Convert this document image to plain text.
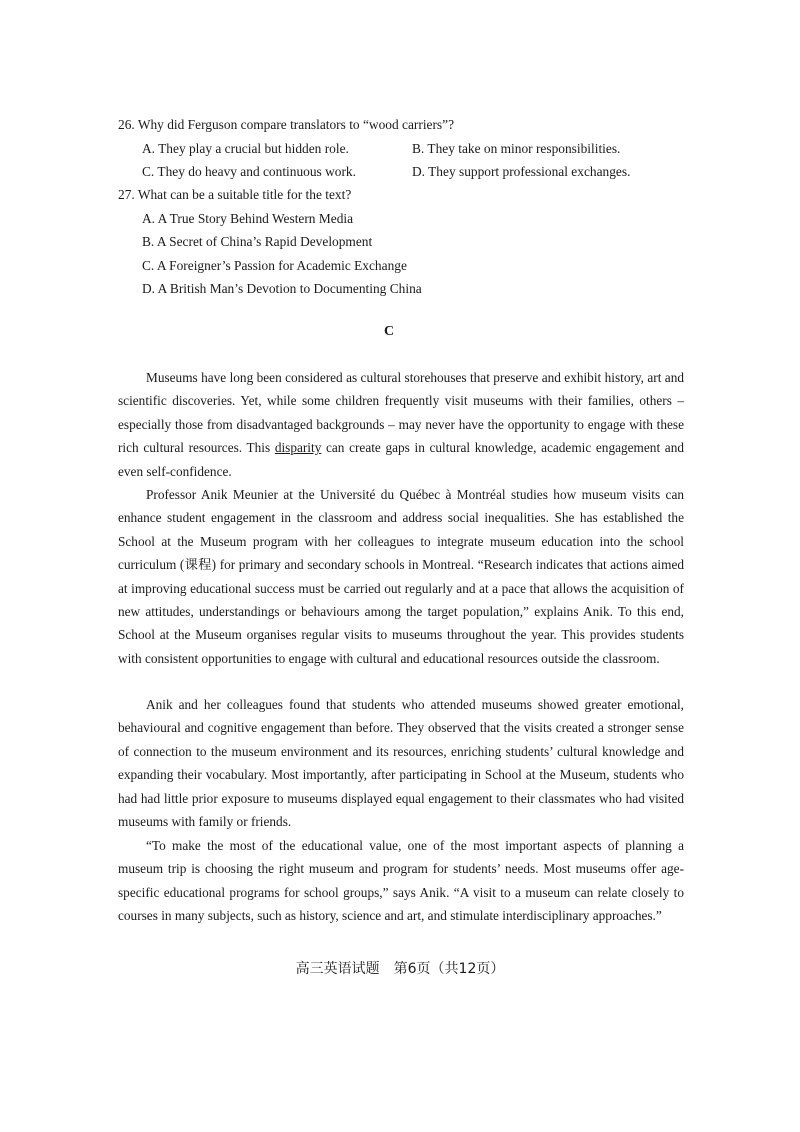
26. Why did Ferguson compare translators to “wood carriers”?
A. They play a crucial but hidden role.	B. They take on minor responsibilities.
C. They do heavy and continuous work.	D. They support professional exchanges.
27. What can be a suitable title for the text?
A. A True Story Behind Western Media
B. A Secret of China’s Rapid Development
C. A Foreigner’s Passion for Academic Exchange
D. A British Man’s Devotion to Documenting China
C
Museums have long been considered as cultural storehouses that preserve and exhibit history, art and scientific discoveries. Yet, while some children frequently visit museums with their families, others – especially those from disadvantaged backgrounds – may never have the opportunity to engage with these rich cultural resources. This disparity can create gaps in cultural knowledge, academic engagement and even self-confidence.
Professor Anik Meunier at the Université du Québec à Montréal studies how museum visits can enhance student engagement in the classroom and address social inequalities. She has established the School at the Museum program with her colleagues to integrate museum education into the school curriculum (课程) for primary and secondary schools in Montreal. “Research indicates that actions aimed at improving educational success must be carried out regularly and at a pace that allows the acquisition of new attitudes, understandings or behaviours among the target population,” explains Anik. To this end, School at the Museum organises regular visits to museums throughout the year. This provides students with consistent opportunities to engage with cultural and educational resources outside the classroom.
Anik and her colleagues found that students who attended museums showed greater emotional, behavioural and cognitive engagement than before. They observed that the visits created a stronger sense of connection to the museum environment and its resources, enriching students’ cultural knowledge and expanding their vocabulary. Most importantly, after participating in School at the Museum, students who had had little prior exposure to museums displayed equal engagement to their classmates who had visited museums with family or friends.
“To make the most of the educational value, one of the most important aspects of planning a museum trip is choosing the right museum and program for students’ needs. Most museums offer age-specific educational programs for school groups,” says Anik. “A visit to a museum can relate closely to courses in many subjects, such as history, science and art, and stimulate interdisciplinary approaches.”
高三英语试题　第6页（共12页）
